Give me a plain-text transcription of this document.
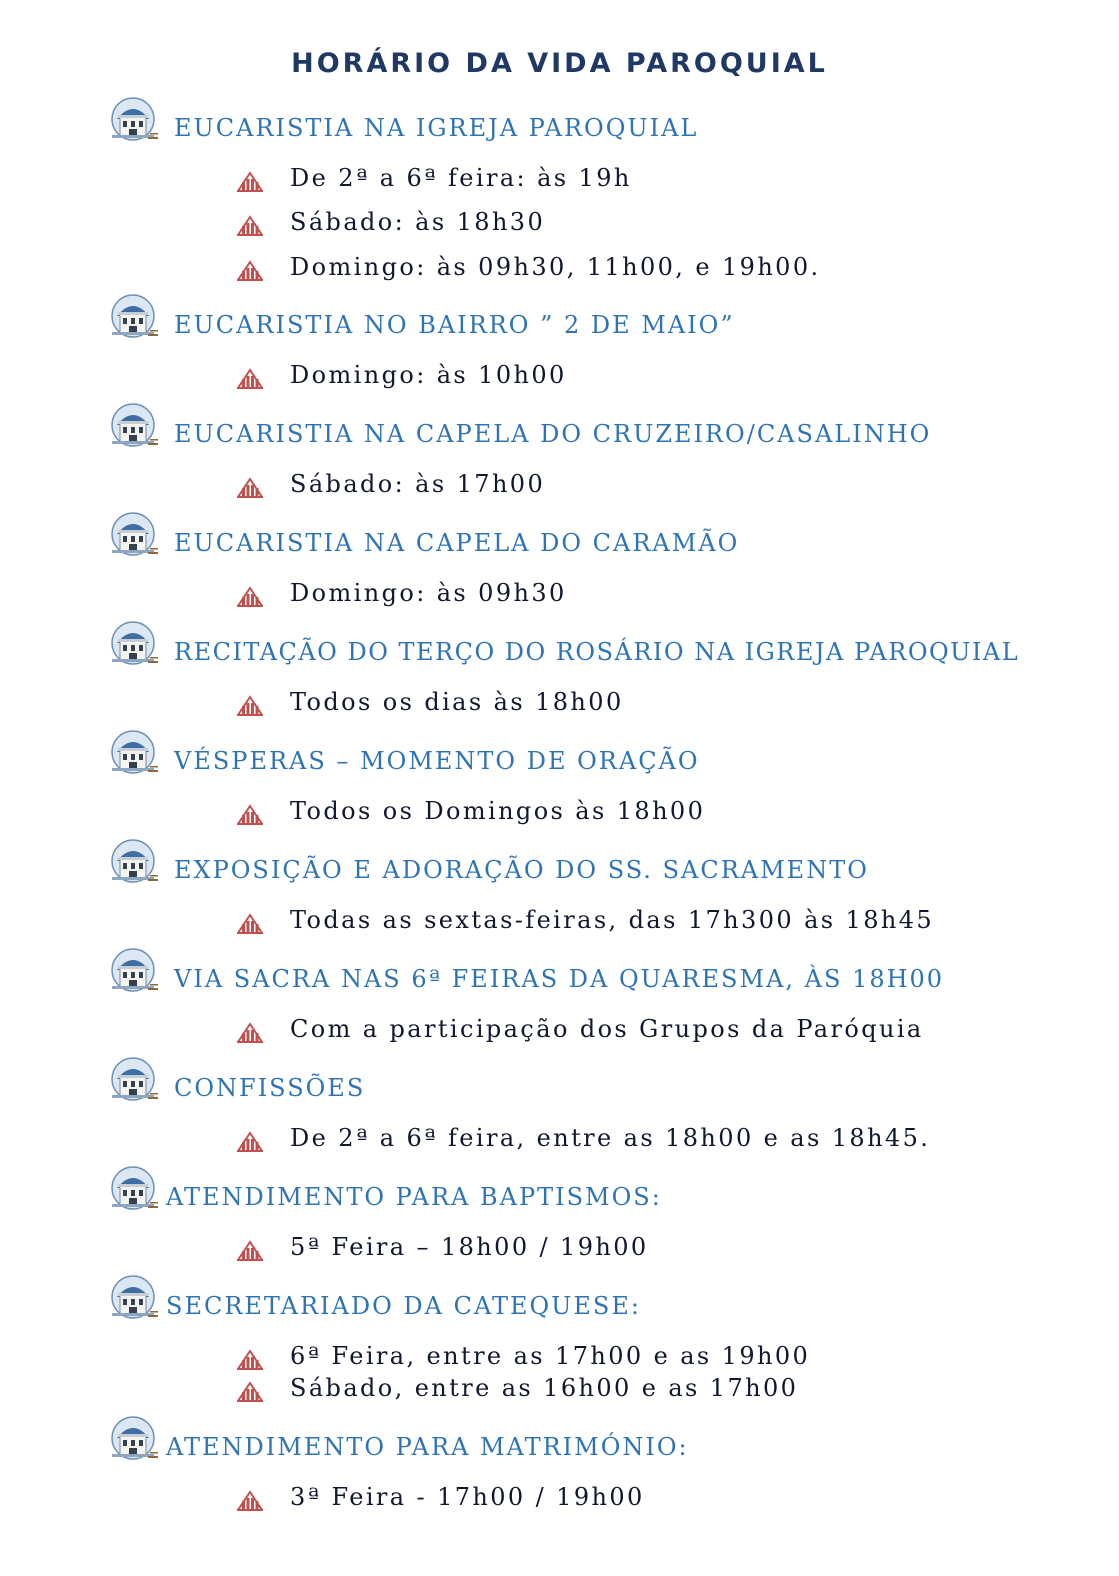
HORÁRIO DA VIDA PAROQUIAL
EUCARISTIA NA IGREJA PAROQUIAL
De 2ª a 6ª feira: às 19h
Sábado: às 18h30
Domingo: às 09h30, 11h00, e 19h00.
EUCARISTIA NO BAIRRO ” 2 DE MAIO”
Domingo: às 10h00
EUCARISTIA NA CAPELA DO CRUZEIRO/CASALINHO
Sábado: às 17h00
EUCARISTIA NA CAPELA DO CARAMÃO
Domingo: às 09h30
RECITAÇÃO DO TERÇO DO ROSÁRIO NA IGREJA PAROQUIAL
Todos os dias às 18h00
VÉSPERAS – MOMENTO DE ORAÇÃO
Todos os Domingos às 18h00
EXPOSIÇÃO E ADORAÇÃO DO SS. SACRAMENTO
Todas as sextas-feiras, das 17h300 às 18h45
VIA SACRA NAS 6ª FEIRAS DA QUARESMA, ÀS 18H00
Com a participação dos Grupos da Paróquia
CONFISSÕES
De 2ª a 6ª feira, entre as 18h00 e as 18h45.
ATENDIMENTO PARA BAPTISMOS:
5ª Feira – 18h00 / 19h00
SECRETARIADO DA CATEQUESE:
6ª Feira, entre as 17h00 e as 19h00
Sábado, entre as 16h00 e as 17h00
ATENDIMENTO PARA MATRIMÓNIO:
3ª Feira - 17h00 / 19h00
